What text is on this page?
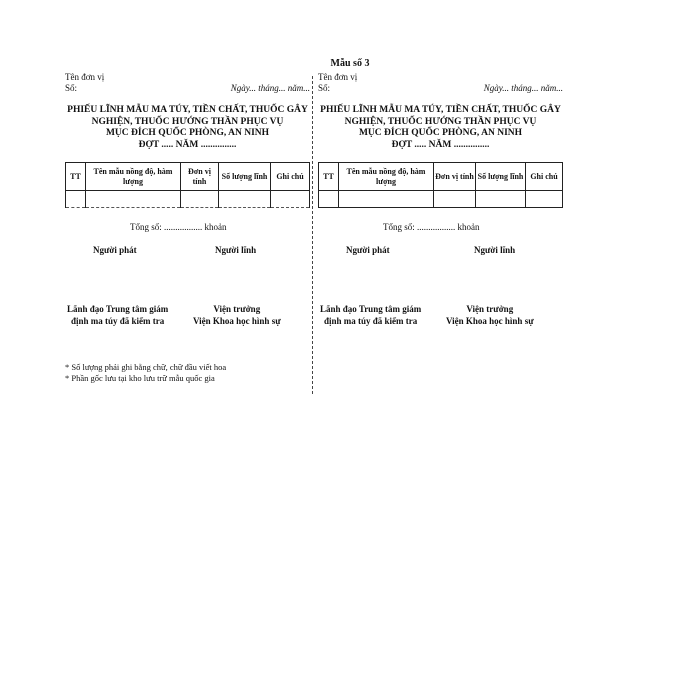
Mẫu số 3
Tên đơn vị
Số:	Ngày... tháng... năm...
PHIẾU LĨNH MẪU MA TÚY, TIỀN CHẤT, THUỐC GÂY
NGHIỆN, THUỐC HƯỚNG THẦN PHỤC VỤ
MỤC ĐÍCH QUỐC PHÒNG, AN NINH
ĐỢT ..... NĂM ...............
TT	Tên mẫu nồng độ, hàm lượng	Đơn vị tính	Số lượng lĩnh	Ghi chú

Tổng số: ................. khoản
Người phát	Người lĩnh
Lãnh đạo Trung tâm giám
định ma túy đã kiểm tra
Viện trưởng
Viện Khoa học hình sự
* Số lượng phải ghi bằng chữ, chữ đầu viết hoa
* Phần gốc lưu tại kho lưu trữ mẫu quốc gia
Tên đơn vị
Số:	Ngày... tháng... năm...
PHIẾU LĨNH MẪU MA TÚY, TIỀN CHẤT, THUỐC GÂY
NGHIỆN, THUỐC HƯỚNG THẦN PHỤC VỤ
MỤC ĐÍCH QUỐC PHÒNG, AN NINH
ĐỢT ..... NĂM ...............
TT	Tên mẫu nồng độ, hàm lượng	Đơn vị tính	Số lượng lĩnh	Ghi chú

Tổng số: ................. khoản
Người phát	Người lĩnh
Lãnh đạo Trung tâm giám
định ma túy đã kiểm tra
Viện trưởng
Viện Khoa học hình sự
